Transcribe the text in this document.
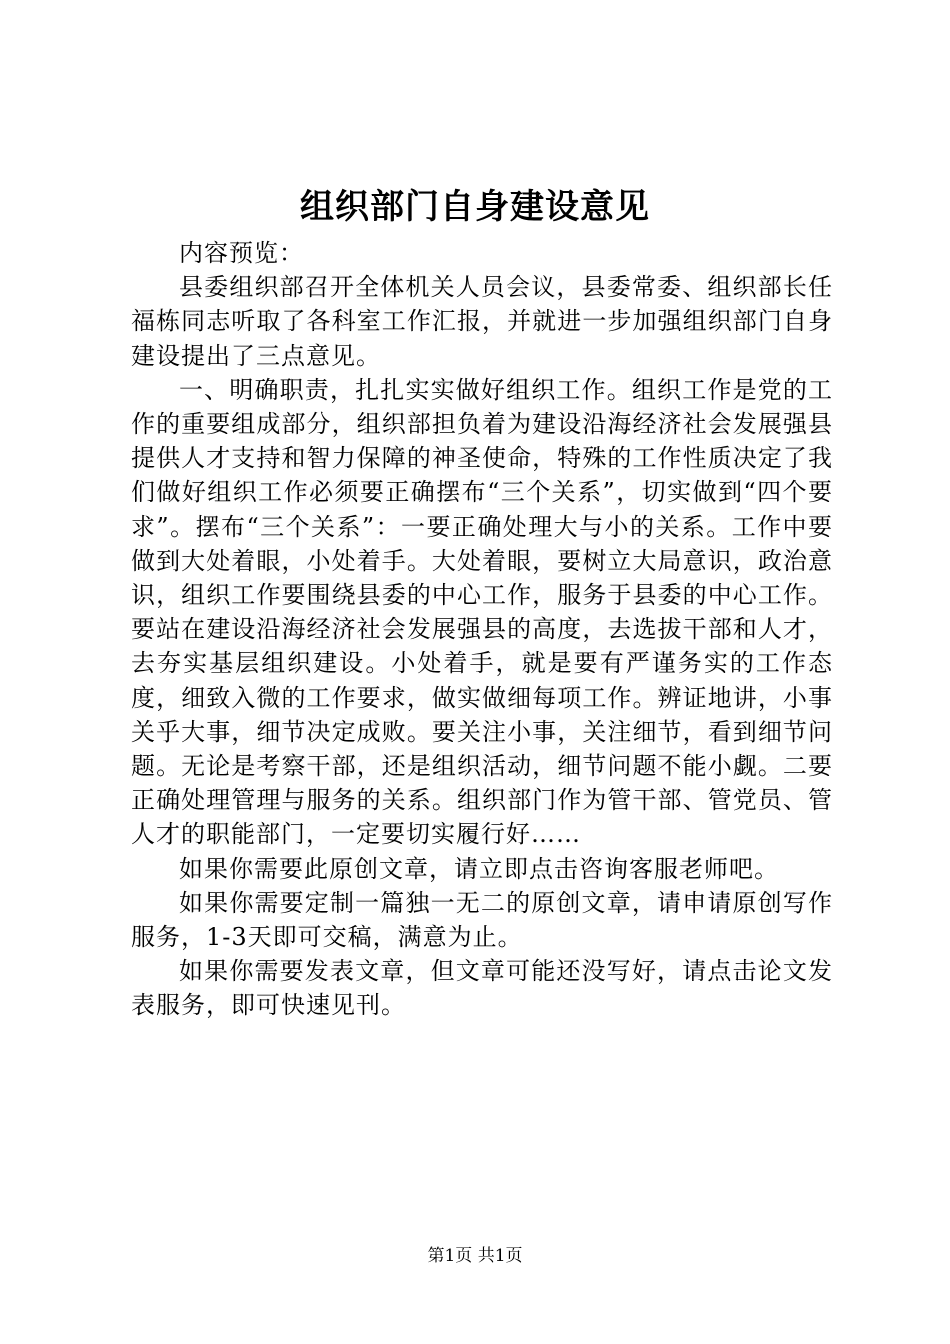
组织部门自身建设意见

内容预览：

县委组织部召开全体机关人员会议，县委常委、组织部长任福栋同志听取了各科室工作汇报，并就进一步加强组织部门自身建设提出了三点意见。

一、明确职责，扎扎实实做好组织工作。组织工作是党的工作的重要组成部分，组织部担负着为建设沿海经济社会发展强县提供人才支持和智力保障的神圣使命，特殊的工作性质决定了我们做好组织工作必须要正确摆布“三个关系”，切实做到“四个要求”。摆布“三个关系”：一要正确处理大与小的关系。工作中要做到大处着眼，小处着手。大处着眼，要树立大局意识，政治意识，组织工作要围绕县委的中心工作，服务于县委的中心工作。要站在建设沿海经济社会发展强县的高度，去选拔干部和人才，去夯实基层组织建设。小处着手，就是要有严谨务实的工作态度，细致入微的工作要求，做实做细每项工作。辨证地讲，小事关乎大事，细节决定成败。要关注小事，关注细节，看到细节问题。无论是考察干部，还是组织活动，细节问题不能小觑。二要正确处理管理与服务的关系。组织部门作为管干部、管党员、管人才的职能部门，一定要切实履行好……

如果你需要此原创文章，请立即点击咨询客服老师吧。

如果你需要定制一篇独一无二的原创文章，请申请原创写作服务，1-3天即可交稿，满意为止。

如果你需要发表文章，但文章可能还没写好，请点击论文发表服务，即可快速见刊。

第1页 共1页
